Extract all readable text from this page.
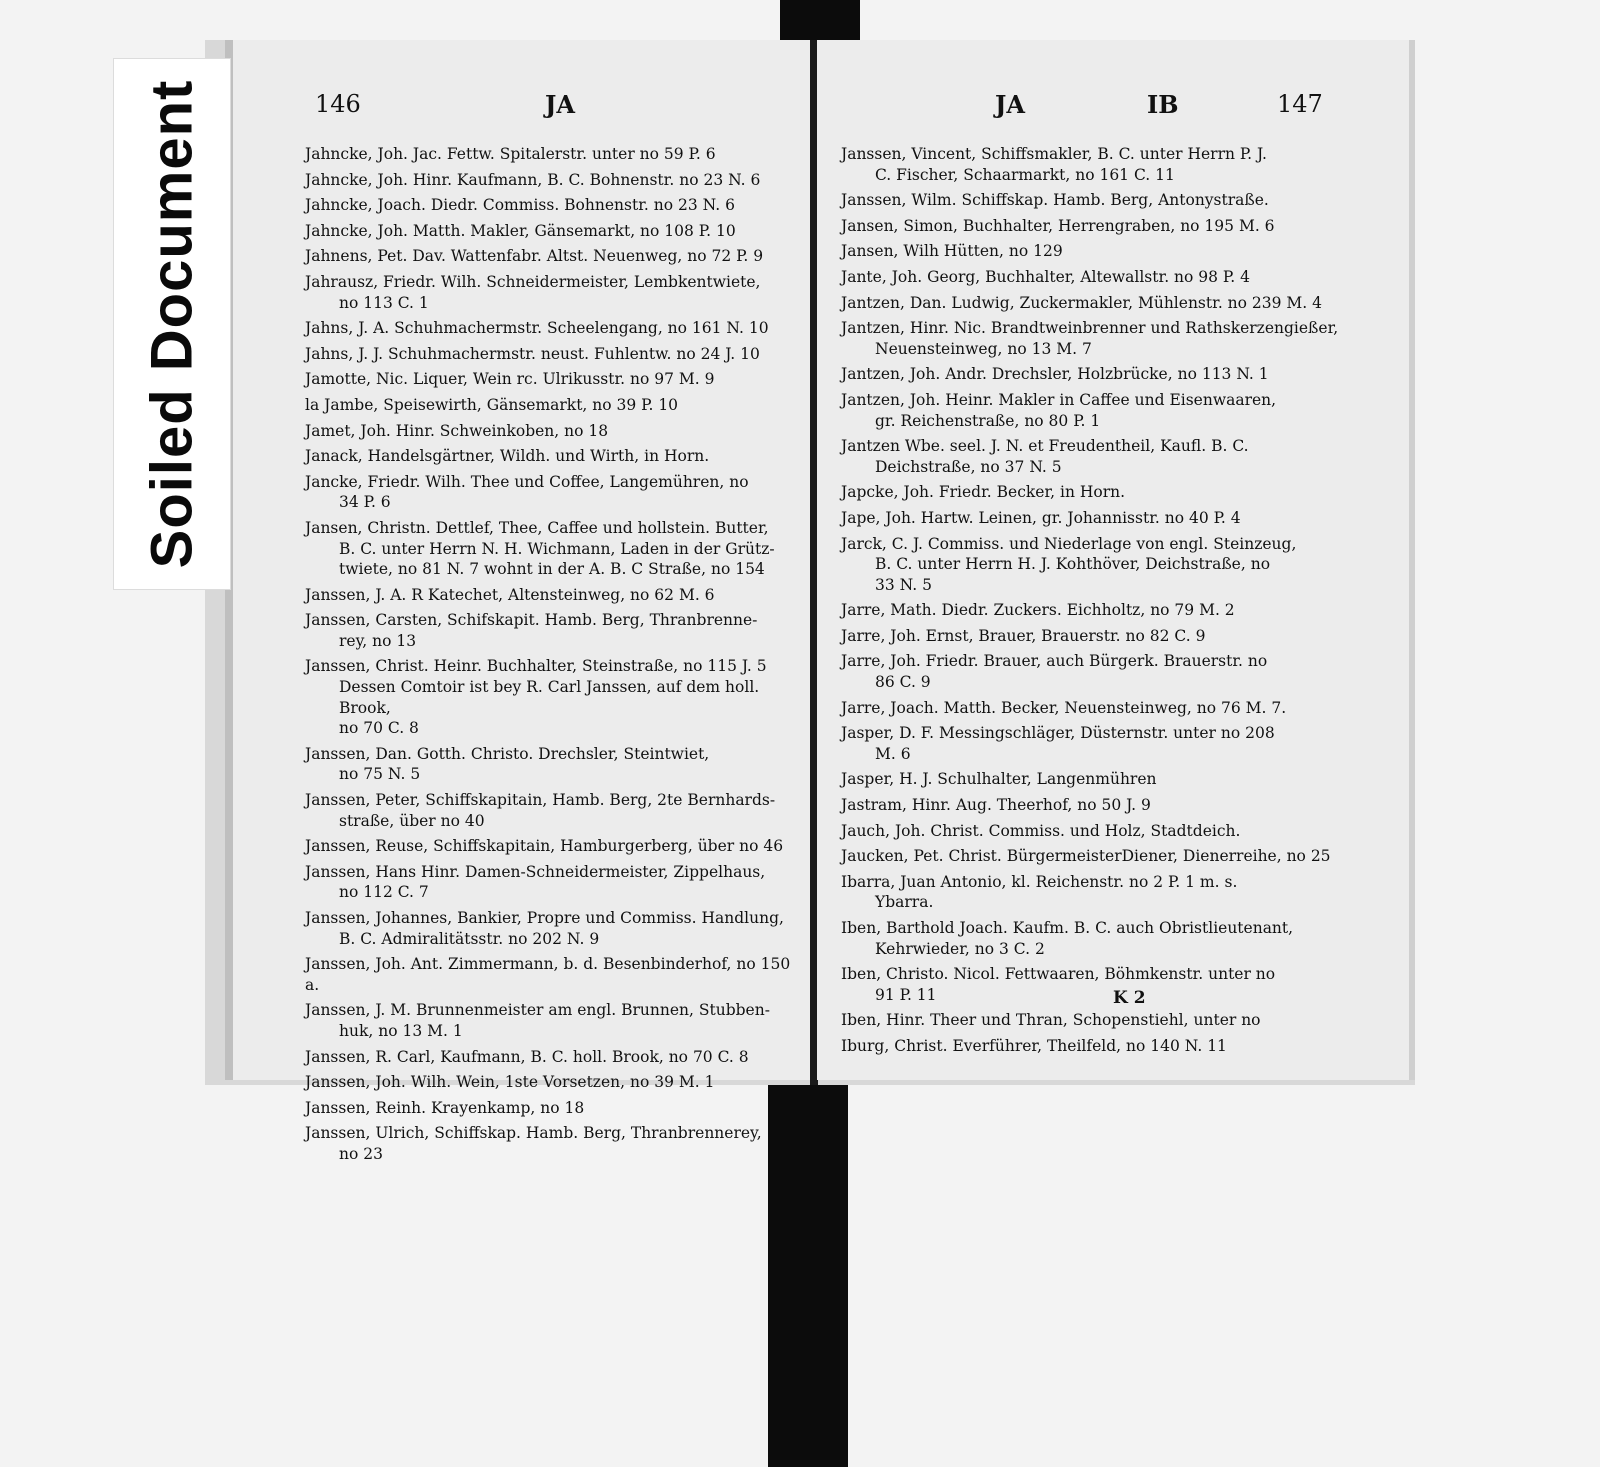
146	JA
Jahncke, Joh. Jac. Fettw. Spitalerstr. unter no 59 P. 6
Jahncke, Joh. Hinr. Kaufmann, B. C. Bohnenstr. no 23 N. 6
Jahncke, Joach. Diedr. Commiss. Bohnenstr. no 23 N. 6
Jahncke, Joh. Matth. Makler, Gänsemarkt, no 108 P. 10
Jahnens, Pet. Dav. Wattenfabr. Altst. Neuenweg, no 72 P. 9
Jahrausz, Friedr. Wilh. Schneidermeister, Lembkentwiete,
no 113 C. 1
Jahns, J. A. Schuhmachermstr. Scheelengang, no 161 N. 10
Jahns, J. J. Schuhmachermstr. neust. Fuhlentw. no 24 J. 10
Jamotte, Nic. Liquer, Wein rc. Ulrikusstr. no 97 M. 9
la Jambe, Speisewirth, Gänsemarkt, no 39 P. 10
Jamet, Joh. Hinr. Schweinkoben, no 18
Janack, Handelsgärtner, Wildh. und Wirth, in Horn.
Jancke, Friedr. Wilh. Thee und Coffee, Langemühren, no
34 P. 6
Jansen, Christn. Dettlef, Thee, Caffee und hollstein. Butter,
B. C. unter Herrn N. H. Wichmann, Laden in der Grütz-
twiete, no 81 N. 7 wohnt in der A. B. C Straße, no 154
Janssen, J. A. R Katechet, Altensteinweg, no 62 M. 6
Janssen, Carsten, Schifskapit. Hamb. Berg, Thranbrenne-
rey, no 13
Janssen, Christ. Heinr. Buchhalter, Steinstraße, no 115 J. 5
Dessen Comtoir ist bey R. Carl Janssen, auf dem holl. Brook,
no 70 C. 8
Janssen, Dan. Gotth. Christo. Drechsler, Steintwiet,
no 75 N. 5
Janssen, Peter, Schiffskapitain, Hamb. Berg, 2te Bernhards-
straße, über no 40
Janssen, Reuse, Schiffskapitain, Hamburgerberg, über no 46
Janssen, Hans Hinr. Damen-Schneidermeister, Zippelhaus,
no 112 C. 7
Janssen, Johannes, Bankier, Propre und Commiss. Handlung,
B. C. Admiralitätsstr. no 202 N. 9
Janssen, Joh. Ant. Zimmermann, b. d. Besenbinderhof, no 150 a.
Janssen, J. M. Brunnenmeister am engl. Brunnen, Stubben-
huk, no 13 M. 1
Janssen, R. Carl, Kaufmann, B. C. holl. Brook, no 70 C. 8
Janssen, Joh. Wilh. Wein, 1ste Vorsetzen, no 39 M. 1
Janssen, Reinh. Krayenkamp, no 18
Janssen, Ulrich, Schiffskap. Hamb. Berg, Thranbrennerey,
no 23
JA	IB	147
Janssen, Vincent, Schiffsmakler, B. C. unter Herrn P. J.
C. Fischer, Schaarmarkt, no 161 C. 11
Janssen, Wilm. Schiffskap. Hamb. Berg, Antonystraße.
Jansen, Simon, Buchhalter, Herrengraben, no 195 M. 6
Jansen, Wilh Hütten, no 129
Jante, Joh. Georg, Buchhalter, Altewallstr. no 98 P. 4
Jantzen, Dan. Ludwig, Zuckermakler, Mühlenstr. no 239 M. 4
Jantzen, Hinr. Nic. Brandtweinbrenner und Rathskerzengießer,
Neuensteinweg, no 13 M. 7
Jantzen, Joh. Andr. Drechsler, Holzbrücke, no 113 N. 1
Jantzen, Joh. Heinr. Makler in Caffee und Eisenwaaren,
gr. Reichenstraße, no 80 P. 1
Jantzen Wbe. seel. J. N. et Freudentheil, Kaufl. B. C.
Deichstraße, no 37 N. 5
Japcke, Joh. Friedr. Becker, in Horn.
Jape, Joh. Hartw. Leinen, gr. Johannisstr. no 40 P. 4
Jarck, C. J. Commiss. und Niederlage von engl. Steinzeug,
B. C. unter Herrn H. J. Kohthöver, Deichstraße, no
33 N. 5
Jarre, Math. Diedr. Zuckers. Eichholtz, no 79 M. 2
Jarre, Joh. Ernst, Brauer, Brauerstr. no 82 C. 9
Jarre, Joh. Friedr. Brauer, auch Bürgerk. Brauerstr. no
86 C. 9
Jarre, Joach. Matth. Becker, Neuensteinweg, no 76 M. 7.
Jasper, D. F. Messingschläger, Düsternstr. unter no 208
M. 6
Jasper, H. J. Schulhalter, Langenmühren
Jastram, Hinr. Aug. Theerhof, no 50 J. 9
Jauch, Joh. Christ. Commiss. und Holz, Stadtdeich.
Jaucken, Pet. Christ. BürgermeisterDiener, Dienerreihe, no 25
Ibarra, Juan Antonio, kl. Reichenstr. no 2 P. 1 m. s.
Ybarra.
Iben, Barthold Joach. Kaufm. B. C. auch Obristlieutenant,
Kehrwieder, no 3 C. 2
Iben, Christo. Nicol. Fettwaaren, Böhmkenstr. unter no
91 P. 11
Iben, Hinr. Theer und Thran, Schopenstiehl, unter no
Iburg, Christ. Everführer, Theilfeld, no 140 N. 11
K 2
Soiled Document
